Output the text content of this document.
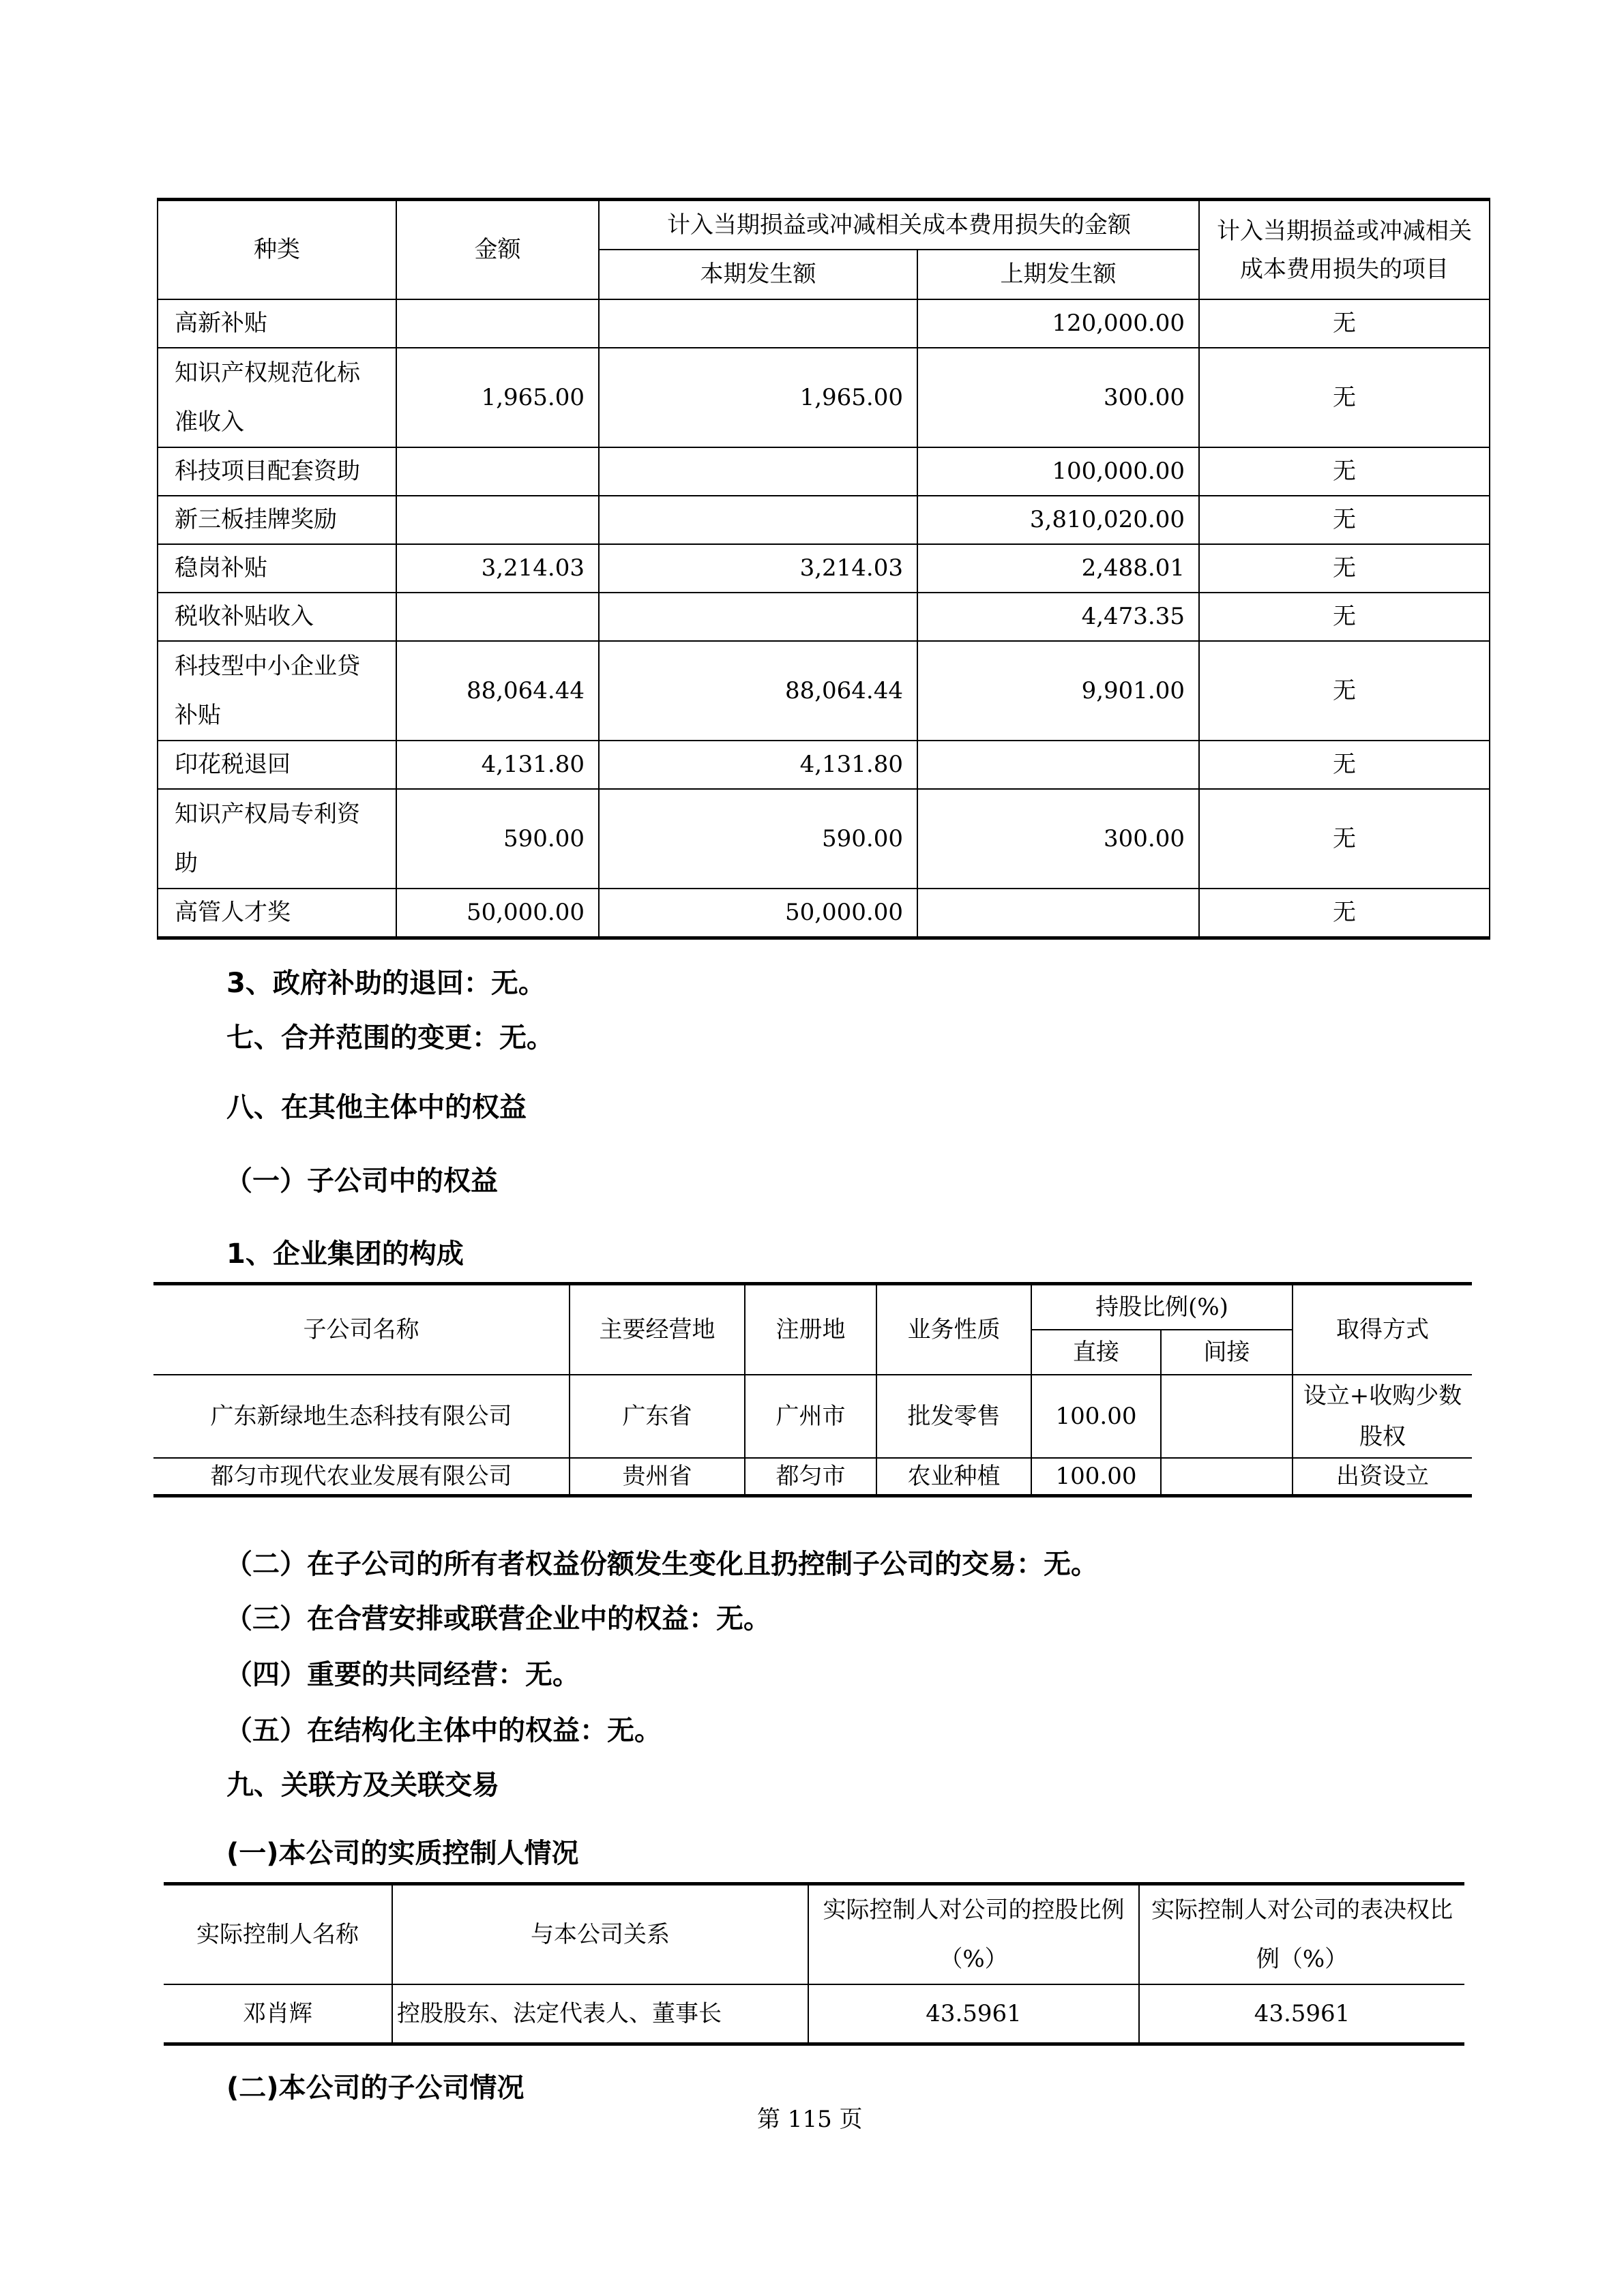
种类	金额	计入当期损益或冲减相关成本费用损失的金额		计入当期损益或冲减相关成本费用损失的项目
		本期发生额	上期发生额	
高新补贴			120,000.00	无
知识产权规范化标准收入	1,965.00	1,965.00	300.00	无
科技项目配套资助			100,000.00	无
新三板挂牌奖励			3,810,020.00	无
稳岗补贴	3,214.03	3,214.03	2,488.01	无
税收补贴收入			4,473.35	无
科技型中小企业贷补贴	88,064.44	88,064.44	9,901.00	无
印花税退回	4,131.80	4,131.80		无
知识产权局专利资助	590.00	590.00	300.00	无
高管人才奖	50,000.00	50,000.00		无
3、政府补助的退回：无。
七、合并范围的变更：无。
八、在其他主体中的权益
（一）子公司中的权益
1、企业集团的构成
子公司名称	主要经营地	注册地	业务性质	持股比例(%)		取得方式
				直接	间接	
广东新绿地生态科技有限公司	广东省	广州市	批发零售	100.00		设立+收购少数股权
都匀市现代农业发展有限公司	贵州省	都匀市	农业种植	100.00		出资设立
（二）在子公司的所有者权益份额发生变化且扔控制子公司的交易：无。
（三）在合营安排或联营企业中的权益：无。
（四）重要的共同经营：无。
（五）在结构化主体中的权益：无。
九、关联方及关联交易
(一)本公司的实质控制人情况
实际控制人名称	与本公司关系	实际控制人对公司的控股比例（%）	实际控制人对公司的表决权比例（%）
邓肖辉	控股股东、法定代表人、董事长	43.5961	43.5961
(二)本公司的子公司情况
第 115 页
